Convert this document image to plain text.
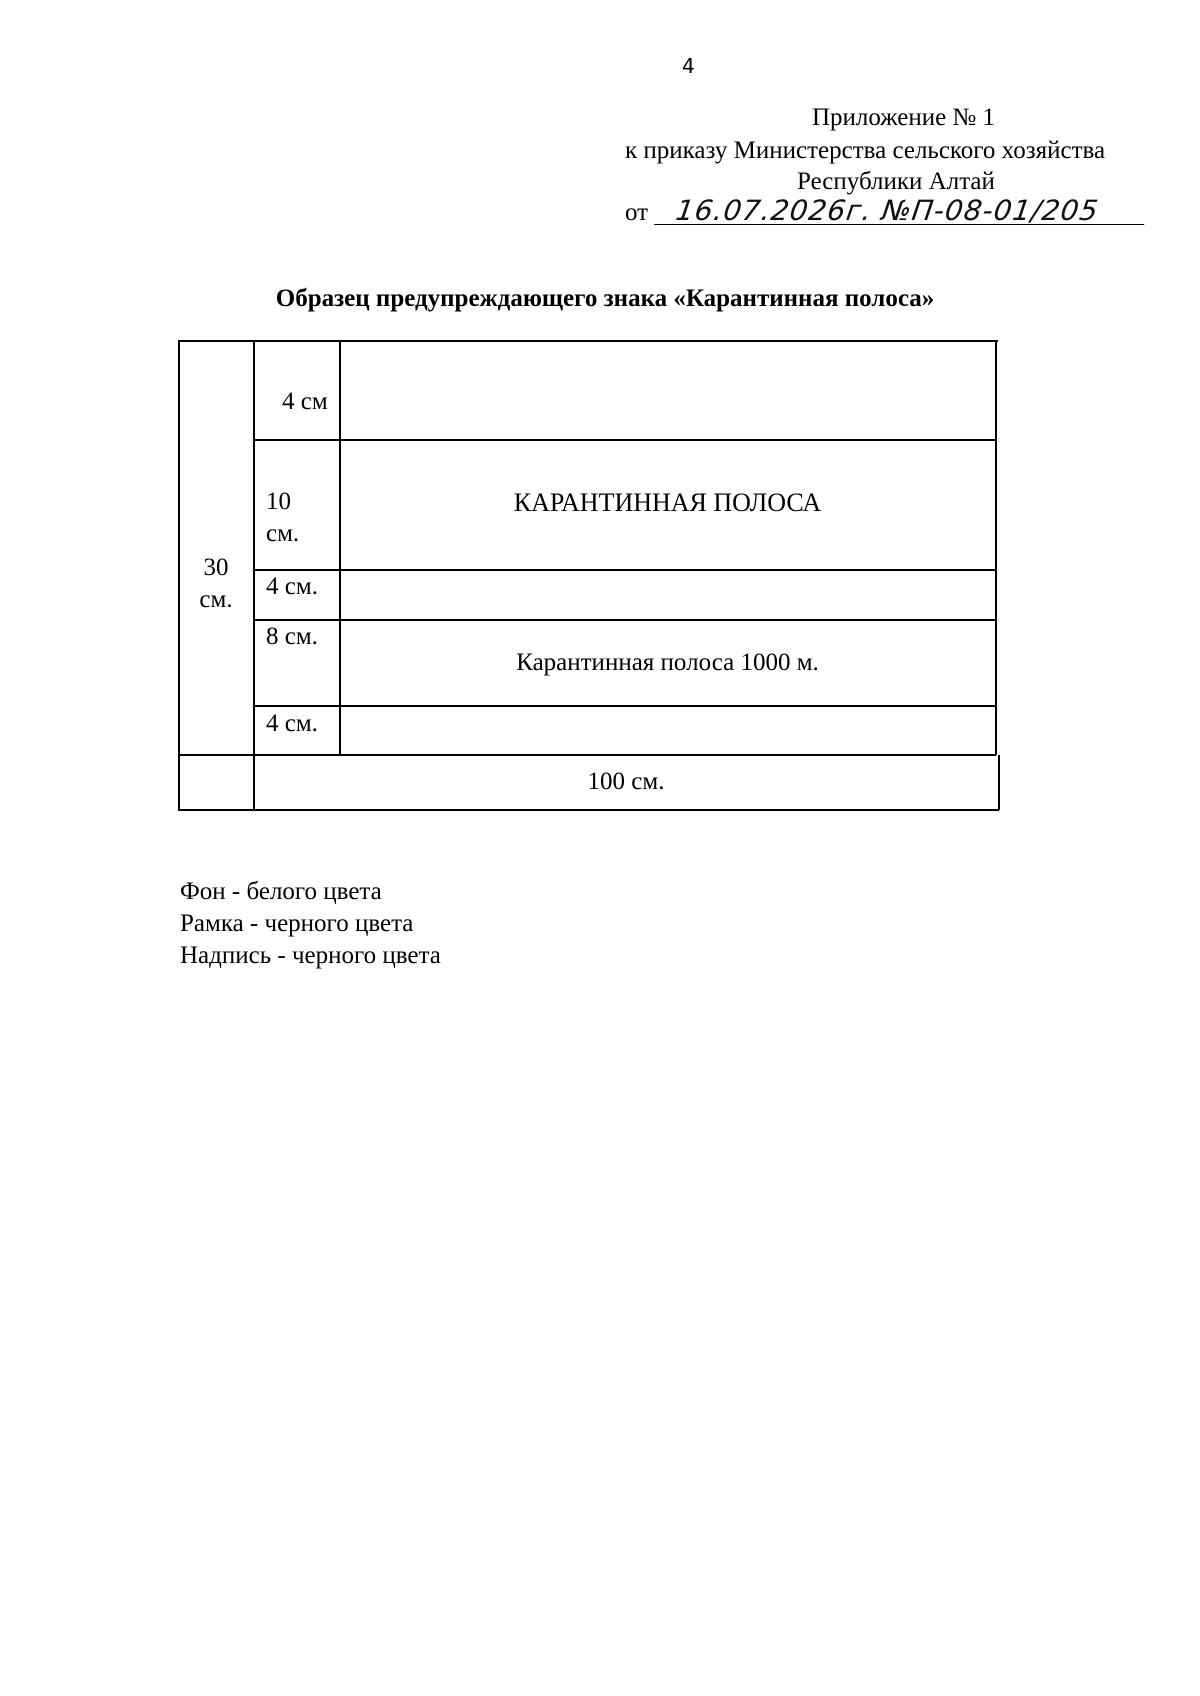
4
Приложение № 1
к приказу Министерства сельского хозяйства
Республики Алтай
от 16.07.2026г. №П-08-01/205
Образец предупреждающего знака «Карантинная полоса»
30 см.
4 см
10 см.
4 см.
8 см.
4 см.
КАРАНТИННАЯ ПОЛОСА
Карантинная полоса 1000 м.
100 см.
Фон - белого цвета
Рамка - черного цвета
Надпись - черного цвета
